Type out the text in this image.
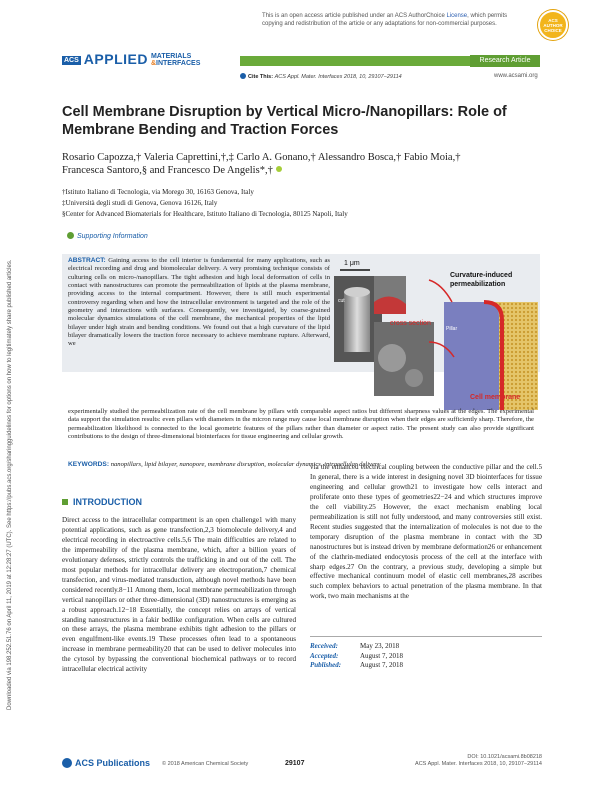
Downloaded via 198.252.51.76 on April 11, 2019 at 12:28:27 (UTC). See https://pubs.acs.org/sharingguidelines for options on how to legitimately share published articles.
This is an open access article published under an ACS AuthorChoice License, which permits copying and redistribution of the article or any adaptations for non-commercial purposes.
ACS
AUTHOR
CHOICE
ACS APPLIED MATERIALS
&INTERFACES	Research Article
Cite This: ACS Appl. Mater. Interfaces 2018, 10, 29107−29114	www.acsami.org
Cell Membrane Disruption by Vertical Micro-/Nanopillars: Role of Membrane Bending and Traction Forces
Rosario Capozza,† Valeria Caprettini,†,‡ Carlo A. Gonano,† Alessandro Bosca,† Fabio Moia,†
Francesca Santoro,§ and Francesco De Angelis*,†
†Istituto Italiano di Tecnologia, via Morego 30, 16163 Genova, Italy
‡Università degli studi di Genova, Genova 16126, Italy
§Center for Advanced Biomaterials for Healthcare, Istituto Italiano di Tecnologia, 80125 Napoli, Italy
Supporting Information
ABSTRACT: Gaining access to the cell interior is fundamental for many applications, such as electrical recording and drug and biomolecular delivery. A very promising technique consists of culturing cells on micro-/nanopillars. The tight adhesion and high local deformation of cells in contact with nanostructures can promote the permeabilization of lipids at the plasma membrane, providing access to the internal compartment. However, there is still much experimental controversy regarding when and how the intracellular environment is targeted and the role of the geometry and interactions with surfaces. Consequently, we investigated, by coarse-grained molecular dynamics simulations of the cell membrane, the mechanical properties of the lipid bilayer under high strain and bending conditions. We found out that a high curvature of the lipid bilayer dramatically lowers the traction force necessary to achieve membrane rupture. Afterward, we
1 μm
Curvature-induced
permeabilization
cross section
Cell membrane
cut
Pillar
experimentally studied the permeabilization rate of the cell membrane by pillars with comparable aspect ratios but different sharpness values at the edges. The experimental data support the simulation results: even pillars with diameters in the micron range may cause local membrane disruption when their edges are sufficiently sharp. Therefore, the permeabilization likelihood is connected to the local geometric features of the pillars rather than diameter or aspect ratio. The present study can also provide significant contributions to the design of three-dimensional biointerfaces for tissue engineering and cellular growth.
KEYWORDS: nanopillars, lipid bilayer, nanopore, membrane disruption, molecular dynamics, intracellular delivery
INTRODUCTION
Direct access to the intracellular compartment is an open challenge1 with many potential applications, such as gene transfection,2,3 biomolecule delivery,4 and electrical recording in electroactive cells.5,6 The main difficulties are related to the impermeability of the plasma membrane, which, after a billion years of evolutionary defenses, strictly controls the trafficking in and out of the cell. The most popular methods for intracellular delivery are electroporation,7 chemical transfection, and virus-mediated transduction, although novel methods have been considered recently.8−11 Among them, local membrane permeabilization through vertical nanopillars or other three-dimensional (3D) nanostructures is emerging as a robust approach.12−18 Essentially, the concept relies on arrays of vertical standing nanostructures in a fakir bedlike configuration. When cells are cultured on these arrays, the plasma membrane exhibits tight adhesion to the pillars or even engulfment-like events.19 These processes often lead to a spontaneous increase in membrane permeability20 that can be used to deliver molecules into the cytosol by bypassing the conventional biochemical pathways or to record intracellular electrical activity
via the enhanced electrical coupling between the conductive pillar and the cell.5 In general, there is a wide interest in designing novel 3D biointerfaces for tissue engineering and cellular growth21 to investigate how cells interact and proliferate onto these types of geometries22−24 and which structures improve the cell viability.25 However, the exact mechanism enabling local permeabilization is still not fully understood, and many controversies still exist. Recent studies suggested that the internalization of molecules is not due to the temporary disruption of the plasma membrane in contact with the 3D nanostructures but is instead driven by membrane deformation26 or enhancement of the clathrin-mediated endocytosis process of the cell at the interface with sharp edges.27 On the contrary, a previous study, developing a simple but effective mechanical continuum model of elastic cell membranes,28 ascribes such complex behaviors to actual penetration of the plasma membrane. In that work, two main mechanisms at the
Received:	May 23, 2018
Accepted:	August 7, 2018
Published:	August 7, 2018
ACS Publications © 2018 American Chemical Society	29107
DOI: 10.1021/acsami.8b08218
ACS Appl. Mater. Interfaces 2018, 10, 29107−29114
